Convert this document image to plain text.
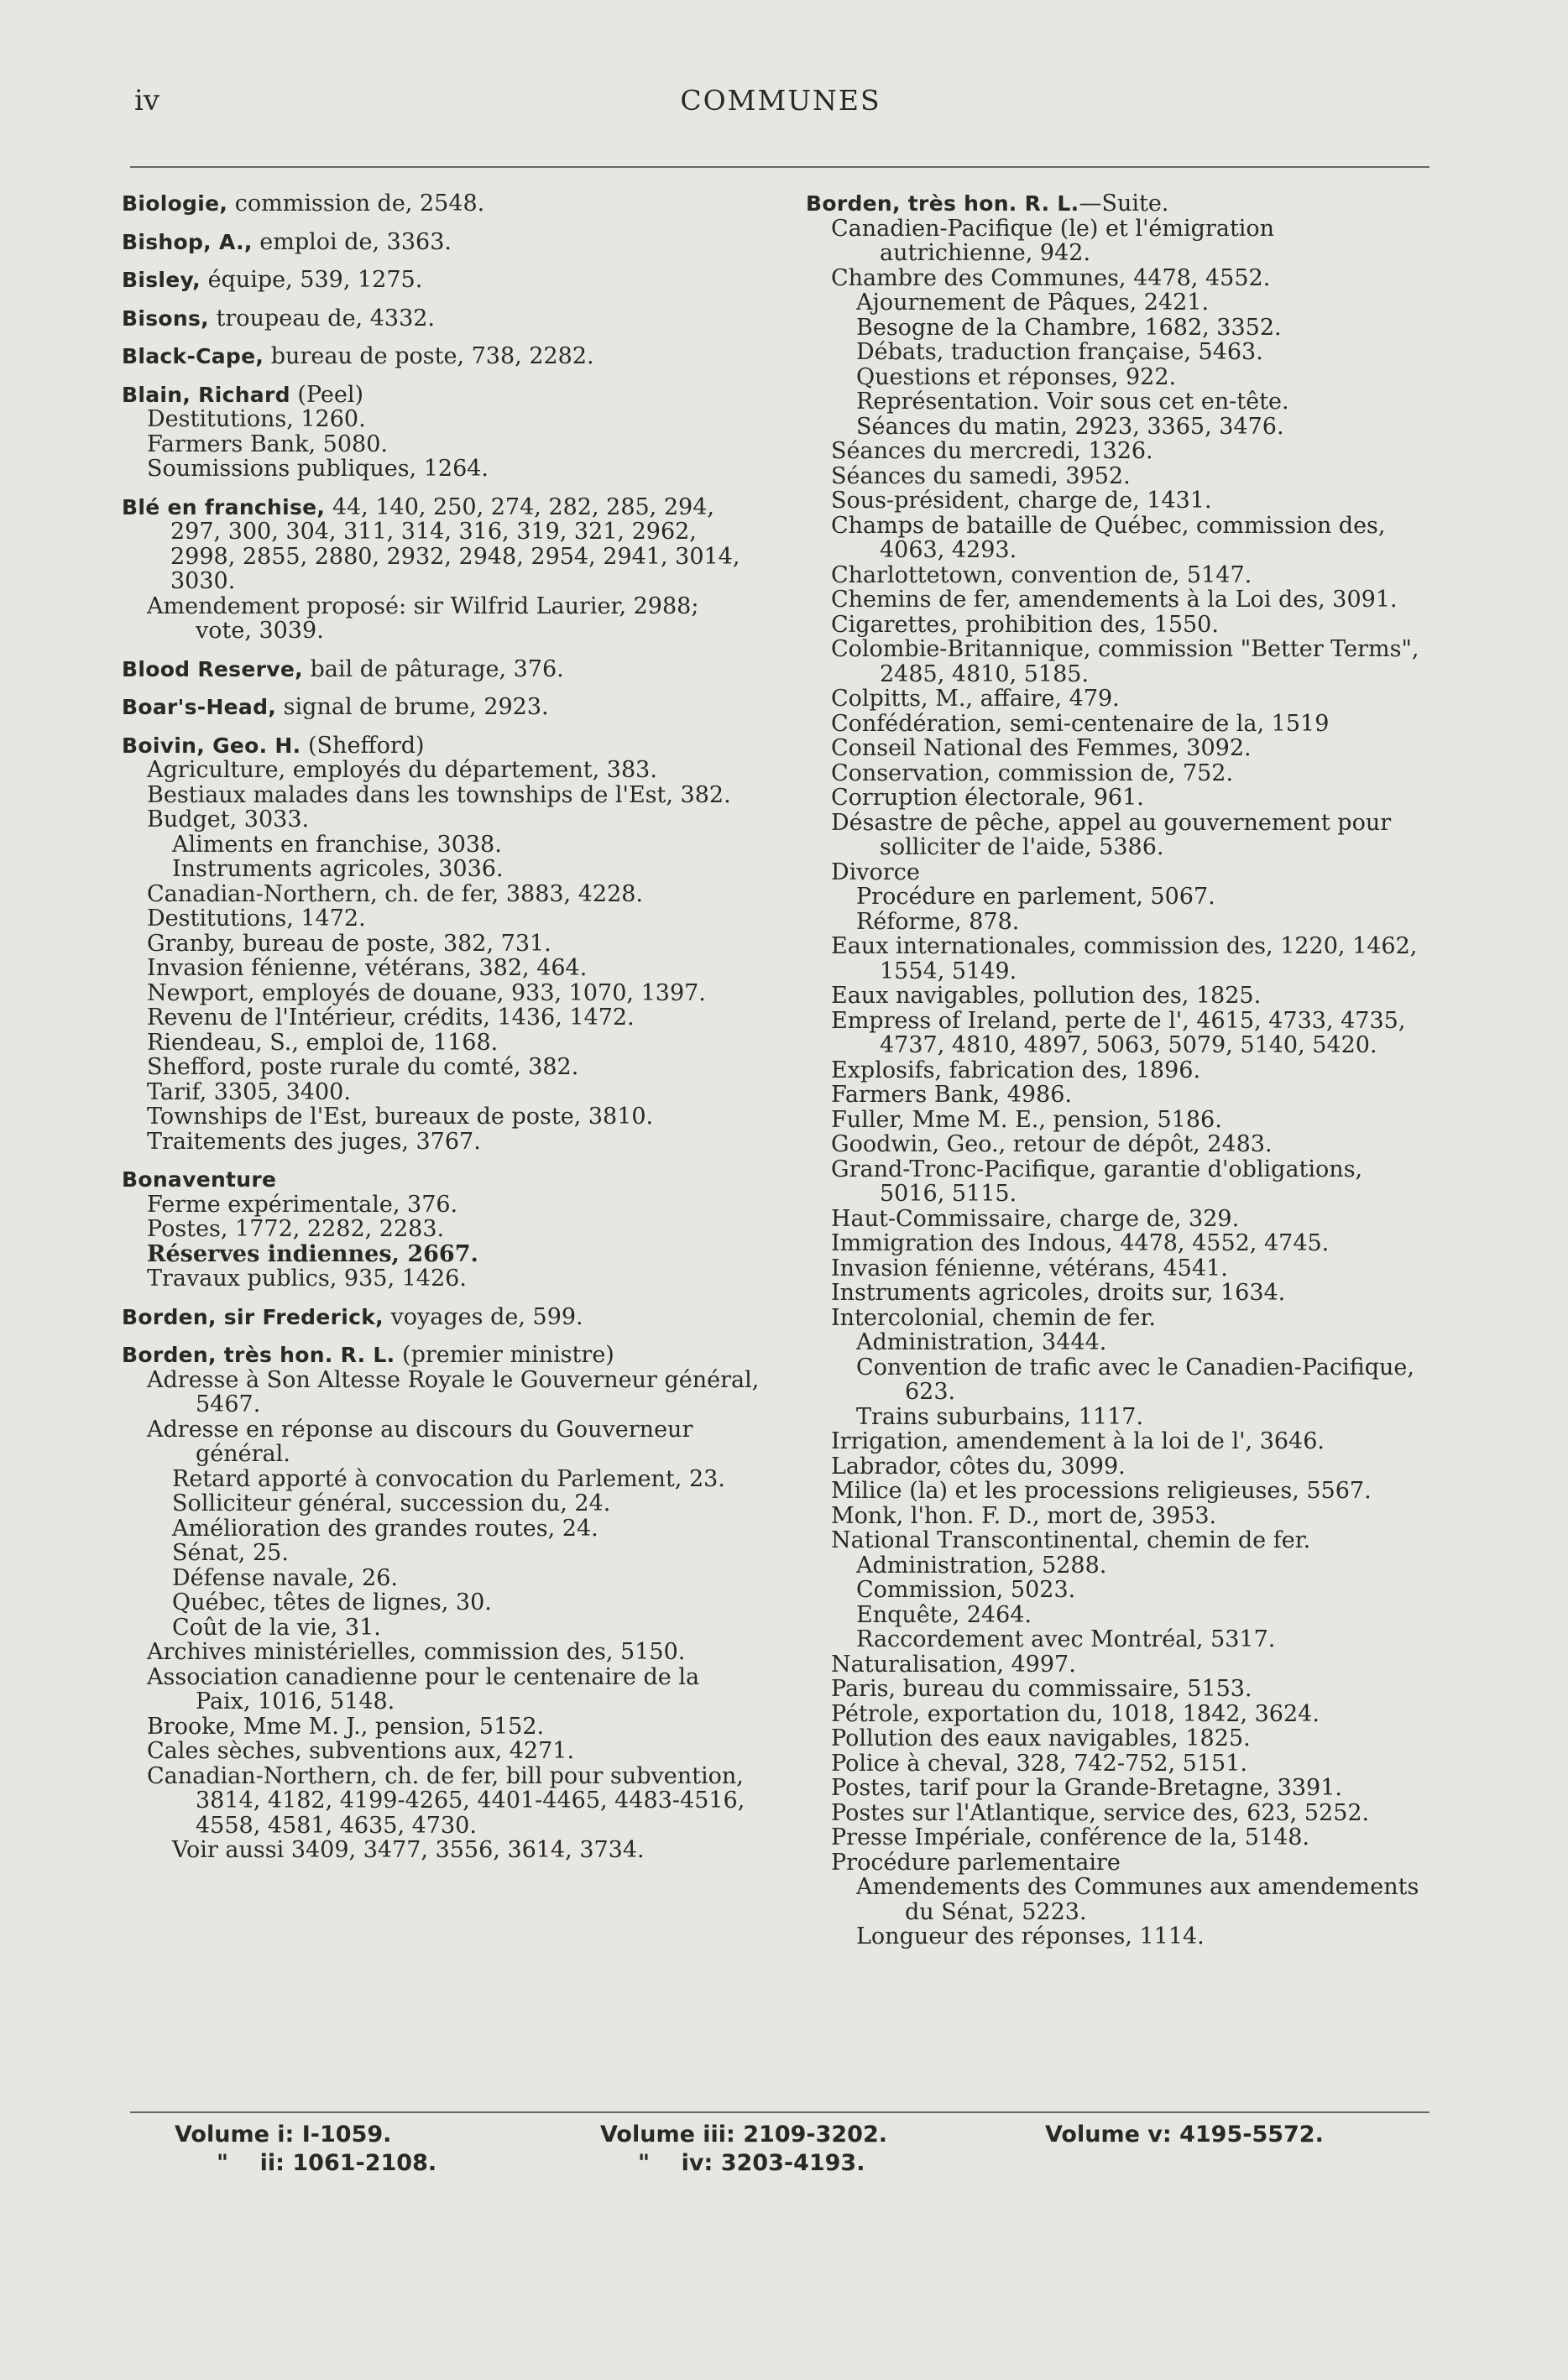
iv	COMMUNES

Biologie, commission de, 2548.

Bishop, A., emploi de, 3363.

Bisley, équipe, 539, 1275.

Bisons, troupeau de, 4332.

Black-Cape, bureau de poste, 738, 2282.

Blain, Richard (Peel)

Destitutions, 1260.

Farmers Bank, 5080.

Soumissions publiques, 1264.

Blé en franchise, 44, 140, 250, 274, 282, 285, 294, 297, 300, 304, 311, 314, 316, 319, 321, 2962, 2998, 2855, 2880, 2932, 2948, 2954, 2941, 3014, 3030.

Amendement proposé: sir Wilfrid Laurier, 2988; vote, 3039.

Blood Reserve, bail de pâturage, 376.

Boar's-Head, signal de brume, 2923.

Boivin, Geo. H. (Shefford)

Agriculture, employés du département, 383.

Bestiaux malades dans les townships de l'Est, 382.

Budget, 3033.

Aliments en franchise, 3038.

Instruments agricoles, 3036.

Canadian-Northern, ch. de fer, 3883, 4228.

Destitutions, 1472.

Granby, bureau de poste, 382, 731.

Invasion fénienne, vétérans, 382, 464.

Newport, employés de douane, 933, 1070, 1397.

Revenu de l'Intérieur, crédits, 1436, 1472.

Riendeau, S., emploi de, 1168.

Shefford, poste rurale du comté, 382.

Tarif, 3305, 3400.

Townships de l'Est, bureaux de poste, 3810.

Traitements des juges, 3767.

Bonaventure

Ferme expérimentale, 376.

Postes, 1772, 2282, 2283.

Réserves indiennes, 2667.

Travaux publics, 935, 1426.

Borden, sir Frederick, voyages de, 599.

Borden, très hon. R. L. (premier ministre)

Adresse à Son Altesse Royale le Gouverneur général, 5467.

Adresse en réponse au discours du Gouverneur général.

Retard apporté à convocation du Parlement, 23.

Solliciteur général, succession du, 24.

Amélioration des grandes routes, 24.

Sénat, 25.

Défense navale, 26.

Québec, têtes de lignes, 30.

Coût de la vie, 31.

Archives ministérielles, commission des, 5150.

Association canadienne pour le centenaire de la Paix, 1016, 5148.

Brooke, Mme M. J., pension, 5152.

Cales sèches, subventions aux, 4271.

Canadian-Northern, ch. de fer, bill pour subvention, 3814, 4182, 4199-4265, 4401-4465, 4483-4516, 4558, 4581, 4635, 4730.

Voir aussi 3409, 3477, 3556, 3614, 3734.

Borden, très hon. R. L.—Suite.

Canadien-Pacifique (le) et l'émigration autrichienne, 942.

Chambre des Communes, 4478, 4552.

Ajournement de Pâques, 2421.

Besogne de la Chambre, 1682, 3352.

Débats, traduction française, 5463.

Questions et réponses, 922.

Représentation. Voir sous cet en-tête.

Séances du matin, 2923, 3365, 3476.

Séances du mercredi, 1326.

Séances du samedi, 3952.

Sous-président, charge de, 1431.

Champs de bataille de Québec, commission des, 4063, 4293.

Charlottetown, convention de, 5147.

Chemins de fer, amendements à la Loi des, 3091.

Cigarettes, prohibition des, 1550.

Colombie-Britannique, commission "Better Terms", 2485, 4810, 5185.

Colpitts, M., affaire, 479.

Confédération, semi-centenaire de la, 1519

Conseil National des Femmes, 3092.

Conservation, commission de, 752.

Corruption électorale, 961.

Désastre de pêche, appel au gouvernement pour solliciter de l'aide, 5386.

Divorce

Procédure en parlement, 5067.

Réforme, 878.

Eaux internationales, commission des, 1220, 1462, 1554, 5149.

Eaux navigables, pollution des, 1825.

Empress of Ireland, perte de l', 4615, 4733, 4735, 4737, 4810, 4897, 5063, 5079, 5140, 5420.

Explosifs, fabrication des, 1896.

Farmers Bank, 4986.

Fuller, Mme M. E., pension, 5186.

Goodwin, Geo., retour de dépôt, 2483.

Grand-Tronc-Pacifique, garantie d'obligations, 5016, 5115.

Haut-Commissaire, charge de, 329.

Immigration des Indous, 4478, 4552, 4745.

Invasion fénienne, vétérans, 4541.

Instruments agricoles, droits sur, 1634.

Intercolonial, chemin de fer.

Administration, 3444.

Convention de trafic avec le Canadien-Pacifique, 623.

Trains suburbains, 1117.

Irrigation, amendement à la loi de l', 3646.

Labrador, côtes du, 3099.

Milice (la) et les processions religieuses, 5567.

Monk, l'hon. F. D., mort de, 3953.

National Transcontinental, chemin de fer.

Administration, 5288.

Commission, 5023.

Enquête, 2464.

Raccordement avec Montréal, 5317.

Naturalisation, 4997.

Paris, bureau du commissaire, 5153.

Pétrole, exportation du, 1018, 1842, 3624.

Pollution des eaux navigables, 1825.

Police à cheval, 328, 742-752, 5151.

Postes, tarif pour la Grande-Bretagne, 3391.

Postes sur l'Atlantique, service des, 623, 5252.

Presse Impériale, conférence de la, 5148.

Procédure parlementaire

Amendements des Communes aux amendements du Sénat, 5223.

Longueur des réponses, 1114.

Volume i: I-1059.
"    ii: 1061-2108.
Volume iii: 2109-3202.
"    iv: 3203-4193.
Volume v: 4195-5572.
